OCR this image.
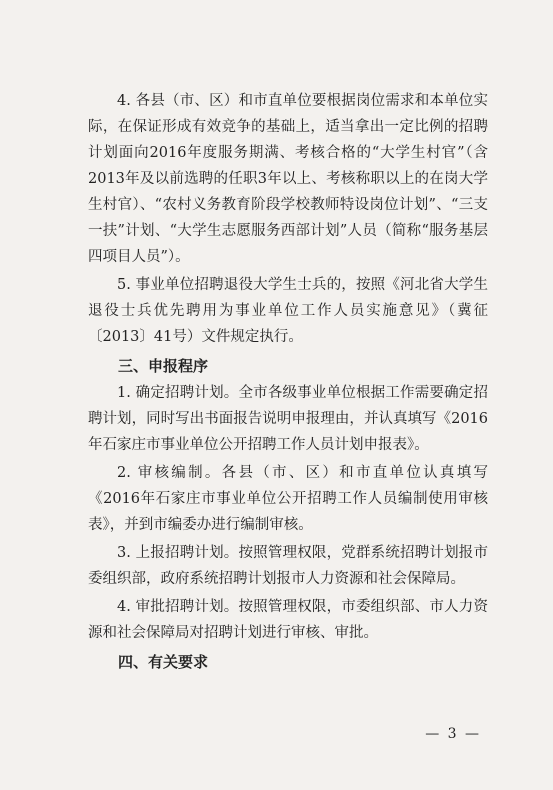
4. 各县（市、区）和市直单位要根据岗位需求和本单位实际，在保证形成有效竞争的基础上，适当拿出一定比例的招聘计划面向2016年度服务期满、考核合格的“大学生村官”（含2013年及以前选聘的任职3年以上、考核称职以上的在岗大学生村官）、“农村义务教育阶段学校教师特设岗位计划”、“三支一扶”计划、“大学生志愿服务西部计划”人员（简称“服务基层四项目人员”）。

5. 事业单位招聘退役大学生士兵的，按照《河北省大学生退役士兵优先聘用为事业单位工作人员实施意见》（冀征〔2013〕41号）文件规定执行。

三、申报程序

1. 确定招聘计划。全市各级事业单位根据工作需要确定招聘计划，同时写出书面报告说明申报理由，并认真填写《2016年石家庄市事业单位公开招聘工作人员计划申报表》。

2. 审核编制。各县（市、区）和市直单位认真填写《2016年石家庄市事业单位公开招聘工作人员编制使用审核表》，并到市编委办进行编制审核。

3. 上报招聘计划。按照管理权限，党群系统招聘计划报市委组织部，政府系统招聘计划报市人力资源和社会保障局。

4. 审批招聘计划。按照管理权限，市委组织部、市人力资源和社会保障局对招聘计划进行审核、审批。

四、有关要求

— 3 —
